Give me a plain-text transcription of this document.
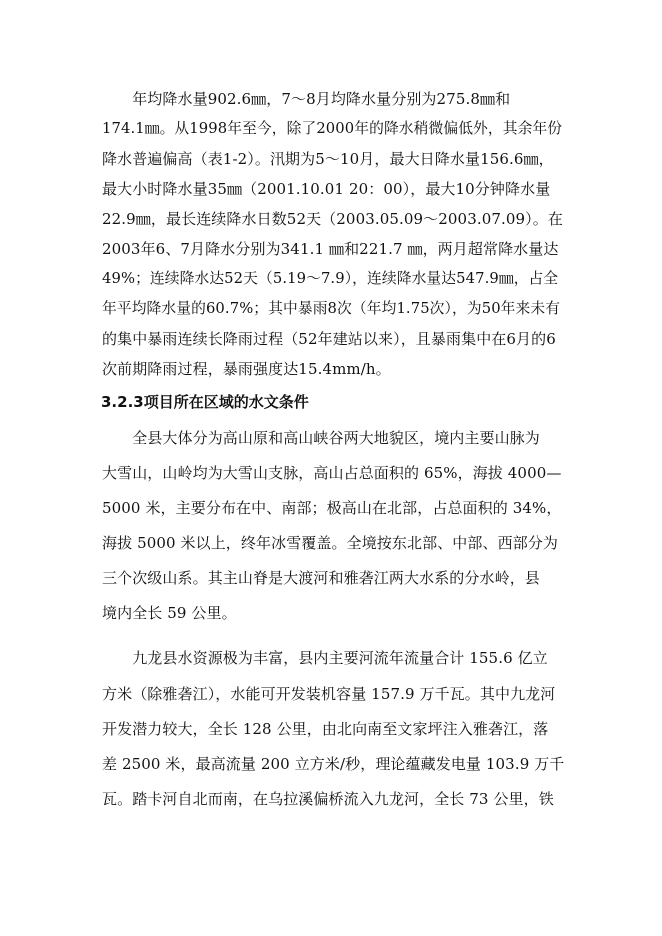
　　年均降水量902.6㎜，7～8月均降水量分别为275.8㎜和
174.1㎜。从1998年至今，除了2000年的降水稍微偏低外，其余年份
降水普遍偏高（表1-2）。汛期为5～10月，最大日降水量156.6㎜，
最大小时降水量35㎜（2001.10.01 20：00），最大10分钟降水量
22.9㎜，最长连续降水日数52天（2003.05.09～2003.07.09）。在
2003年6、7月降水分别为341.1 ㎜和221.7 ㎜，两月超常降水量达
49%；连续降水达52天（5.19～7.9），连续降水量达547.9㎜，占全
年平均降水量的60.7%；其中暴雨8次（年均1.75次），为50年来未有
的集中暴雨连续长降雨过程（52年建站以来），且暴雨集中在6月的6
次前期降雨过程，暴雨强度达15.4mm/h。
3.2.3项目所在区域的水文条件
　　全县大体分为高山原和高山峡谷两大地貌区，境内主要山脉为
大雪山，山岭均为大雪山支脉，高山占总面积的 65%，海拔 4000—
5000 米，主要分布在中、南部；极高山在北部，占总面积的 34%，
海拔 5000 米以上，终年冰雪覆盖。全境按东北部、中部、西部分为
三个次级山系。其主山脊是大渡河和雅砻江两大水系的分水岭，县
境内全长 59 公里。
　　九龙县水资源极为丰富，县内主要河流年流量合计 155.6 亿立
方米（除雅砻江），水能可开发装机容量 157.9 万千瓦。其中九龙河
开发潜力较大，全长 128 公里，由北向南至文家坪注入雅砻江，落
差 2500 米，最高流量 200 立方米/秒，理论蕴藏发电量 103.9 万千
瓦。踏卡河自北而南，在乌拉溪偏桥流入九龙河，全长 73 公里，铁
